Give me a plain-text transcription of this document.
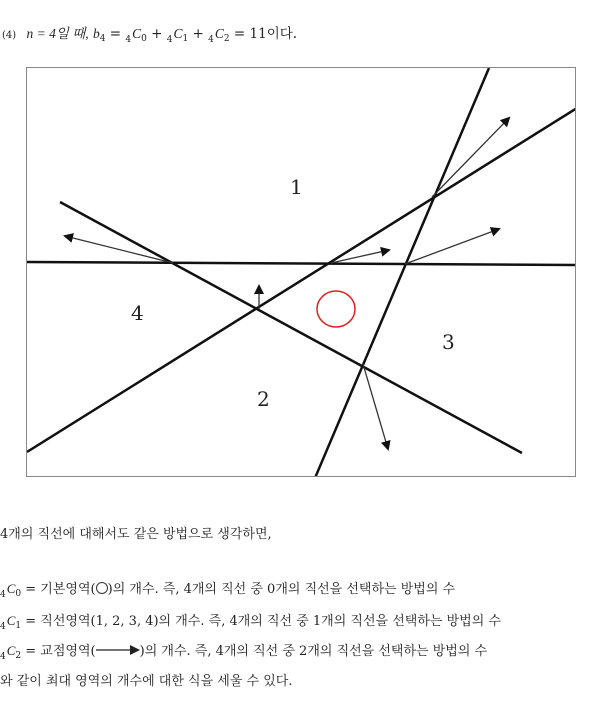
(4) n = 4일 때, $b_4 = _4C_0 + _4C_1 + _4C_2 = 11$이다.
1
2
3
4
4개의 직선에 대해서도 같은 방법으로 생각하면,
$_4C_0$ = 기본영역( )의 개수. 즉, 4개의 직선 중 0개의 직선을 선택하는 방법의 수
$_4C_1$ = 직선영역(1, 2, 3, 4)의 개수. 즉, 4개의 직선 중 1개의 직선을 선택하는 방법의 수
$_4C_2$ = 교점영역(	)의 개수. 즉, 4개의 직선 중 2개의 직선을 선택하는 방법의 수
와 같이 최대 영역의 개수에 대한 식을 세울 수 있다.
